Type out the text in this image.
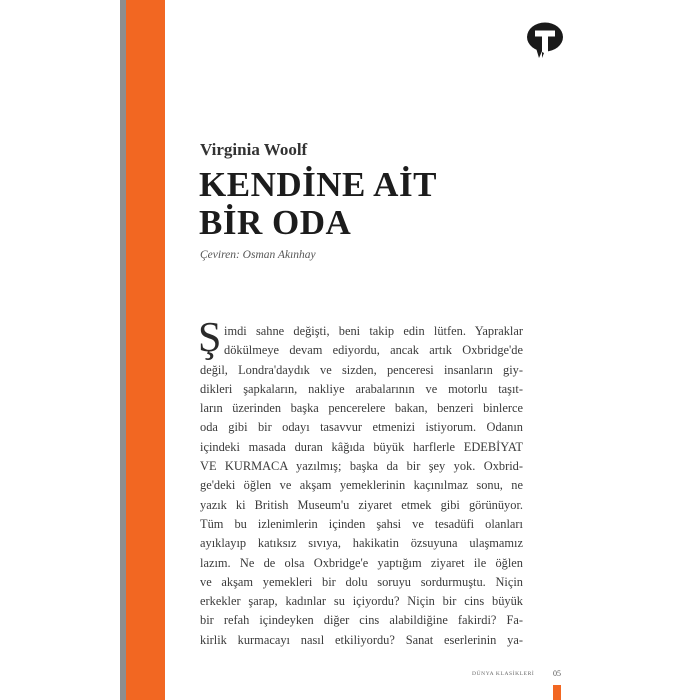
Virginia Woolf
KENDİNE AİT
BİR ODA
Çeviren: Osman Akınhay
Ş imdi sahne değişti, beni takip edin lütfen. Yapraklar
dökülmeye devam ediyordu, ancak artık Oxbridge'de
değil, Londra'daydık ve sizden, penceresi insanların giy-
dikleri şapkaların, nakliye arabalarının ve motorlu taşıt-
ların üzerinden başka pencerelere bakan, benzeri binlerce
oda gibi bir odayı tasavvur etmenizi istiyorum. Odanın
içindeki masada duran kâğıda büyük harflerle EDEBİYAT
VE KURMACA yazılmış; başka da bir şey yok. Oxbrid-
ge'deki öğlen ve akşam yemeklerinin kaçınılmaz sonu, ne
yazık ki British Museum'u ziyaret etmek gibi görünüyor.
Tüm bu izlenimlerin içinden şahsi ve tesadüfi olanları
ayıklayıp katıksız sıvıya, hakikatin özsuyuna ulaşmamız
lazım. Ne de olsa Oxbridge'e yaptığım ziyaret ile öğlen
ve akşam yemekleri bir dolu soruyu sordurmuştu. Niçin
erkekler şarap, kadınlar su içiyordu? Niçin bir cins büyük
bir refah içindeyken diğer cins alabildiğine fakirdi? Fa-
kirlik kurmacayı nasıl etkiliyordu? Sanat eserlerinin ya-
DÜNYA KLASİKLERİ 05
